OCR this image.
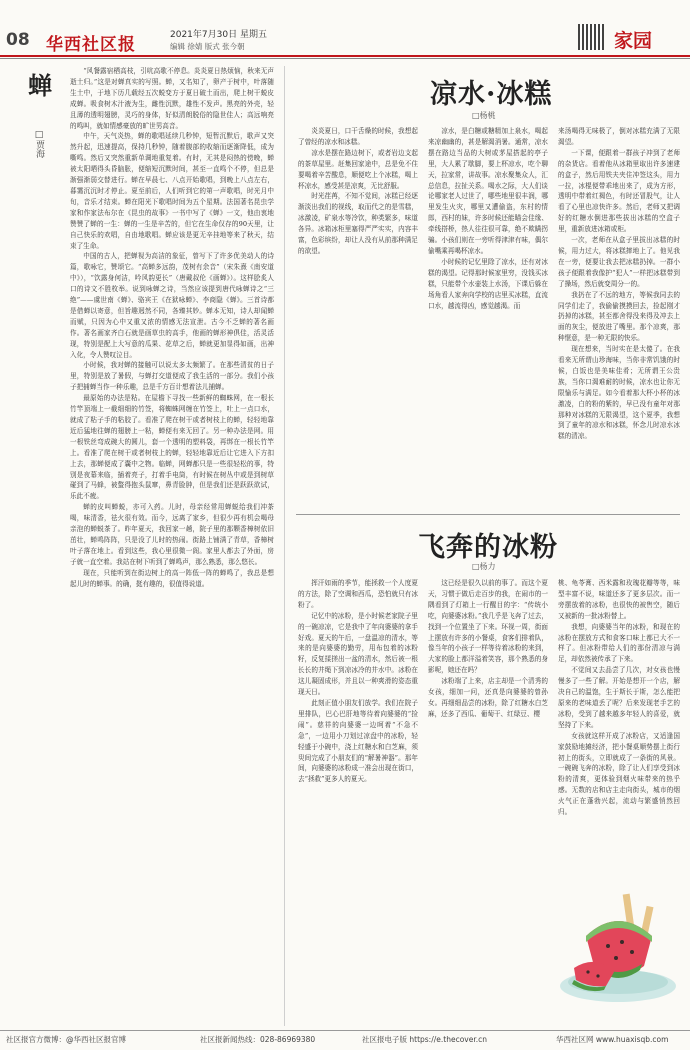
08 华西社区报	2021年7月30日 星期五
编辑 徐婧 版式 张今朝	家园
蝉
□贾海

“风餐露宿栖高枝，引吭高歌不停息。炎炎夏日热烦恼，秋来无声逝土归。”这是对蝉真实的写照。蝉，又名知了，卵产于树中，叶落随生土中，于地下历几载经五次蜕变方于夏日破土而出，爬上树干蜕皮成蝉。吸食树木汁液为生，雌性沉默，雄性不发声。黑亮的外壳，轻且薄的透明翅膀，灵巧的身体，好似清朗脱俗的隐世佳人；高远响亮的鸣叫，就如情感豪放的旷世男高音。

中午，天气炎热，蝉的歌唱延续几秒钟，短暂沉默后，歌声又突然升起，迅速提高，保持几秒钟，随着腹部的收缩而逐渐降低，成为嘶鸣。然后又突然重新单调地重复着。有时，无其是闷热的傍晚，蝉被太阳晒得头昏脑胀，便缩短沉默时间，甚至一直鸣个不停，但总是渐强渐弱交替进行。蝉在早晨七、八点开始歌唱，到晚上八点左右，暮霭沉沉时才停止。夏至前后，人们听到它的第一声歌唱，时光月中旬，音乐才结束。蝉在阳光下歌唱时间为五个星期。法国著名昆虫学家和作家法布尔在《昆虫的故事》一书中写了《蝉》一文，他由衷地赞赞了蝉的一生：蝉的一生是辛苦的，但它在生命仅存的90天里，让自己快乐的欢唱，自由地歌唱。蝉应该是更无辛挂地等来了秋天，结束了生命。

中国的古人，把蝉视为高洁的象征，曾写下了许多优美动人的诗篇，歌咏它，赞颂它。“高蝉多远韵，茂树有余音”（宋朱熹《南安道中》），“饮露身何洁，吟风韵更长”（唐戴叔伦《画蝉》）。这样脍炙人口的诗文不胜枚举。说到咏蝉之诗，当然应该提到唐代咏蝉诗之“三绝”——虞世南《蝉》、骆宾王《在狱咏蝉》、李商隐《蝉》。三首诗都是借蝉以寄意，但旨趣迥然不同，各臻其妙。蝉本无知，诗人却闻蝉而赋，只因为心中又重又浓的情感无法宣泄。古今不乏蝉的著名画作。著名画家齐白石就是画草虫的高手，他画的蝉形神俱佳，活灵活现，特别是配上大写意的瓜果、花草之后，蝉就更加显得如画，出神入化，令人赞叹泣目。

小时候，我对蝉的接触可以说太多太频繁了。在那些清贫的日子里，特别是放了暑假，与蝉打交道便成了我生活的一部分。我们小孩子把捕蝉当作一种乐趣，总是千方百计想着法儿捕蝉。

最原始的办法是粘。在屋檐下寻找一些新鲜的蜘蛛网，在一根长竹竿顶端上一截细细的竹签，将蜘蛛网缠在竹签上，吐上一点口水，就成了粘子手的粘胶了。看准了爬在树干或者树枝上的蝉，轻轻地靠近后猛地往蝉的翅膀上一粘，蝉便有来无回了。另一种办法是网。用一根铁丝弯成碗大的圆儿，套一个透明的塑料袋，再绑在一根长竹竿上。看准了爬在树干或者树枝上的蝉，轻轻地靠近后让它进入下方扣上去，那蝉便成了囊中之物。临蝉，网蝉都只是一些很轻松的事，特别是夜幕来临，插着亮子，打着手电筒，有时候在树丛中或是到树草碰到了马蜂，被螫得抱头鼠窜，鼻青脸肿，但是我们还是跃跃欲试，乐此不疲。

蝉的皮叫蝉蜕，亦可入药。儿时，母亲经常用蝉蜕给我们冲茶喝，味清香，祛火很有效。而今，远离了家乡，但很少再有机会喝母亲泡的蝉蜕茶了。昨年夏天，我回家一趟，院子里的那颗香樟树依旧茁壮，蝉鸣阵阵，只是没了儿时的热闹。街路上铺满了青草，香樟树叶子落在地上。看到这些，我心里很微一阁。家里人都去了外面，房子就一直空着。我站在树下听到了蝉鸣声，那么熟悉，那么悠长。

现在，只能听到在街边树上的高一阵低一阵的蝉鸣了，我总是想起儿时的蝉事。的确，挺有趣的，很值得说道。

凉水·冰糕
□杨桃

炎炎夏日，口干舌燥的时候，我想起了曾经的凉水和冰糕。

凉水是摆在路边树下，或者岩边支起的茶草屋里。赶集回家途中，总是免不住要喝着辛苦酸息，顺便吃上个冰糕，喝上杯凉水，感受甚是凉爽，无比舒服。

时光荏苒，不知不觉间，冰糕已经逐渐淡出我们的视线，取而代之的是雪糕，冰激凌，矿泉水等冷饮，种类繁多，味道各异。冰箱冰柜里塞得严严实实，内容丰富，色彩缤纷，却让人没有从前那种满足的欲望。

凉水，是白糖或糖精加上泉水，喝起来凉幽幽的，甚是解渴消暑。通常，凉水摆在路边当品的大树或茅屋搭起的亭子里，大人累了歇脚，要上杯凉水，吃个聊天，拉家常，讲故事。凉水聚集众人，汇总信息，拉扯关系。喝水之际，大人们谈论哪家老人过世了，哪些地里很丰润，哪里发生火灾，哪里又遭偷盗，东村的情郎，西村的妹，许多时候还能瞄会佳缘、牵线搭桥，热人往往很可靠，绝不欺瞒拐骗。小孩们则在一旁听得津津有味，偶尔偷嘴乘再喝杯凉水。

小时候的记忆里除了凉水，还有对冰糕的渴望。记得那时候家里穷，没钱买冰糕，只能带个水壶装上水汤，下课后躲在场角看人家奔向学校的店里买冰糕，直流口水，越流得凶，感觉越渴。而

来汤喝得无味极了，倒对冰糕充满了无限渴望。

一下课，便跟着一群孩子冲到了老师的杂货店。看着他从冰箱里取出许多速建的盒子，然后用铁夫夹住冲签这头，用力一拉，冰棍便带乖地出来了，成为方形，透明中带着红褐色，有时还冒股气，让人看了心里也凉快许多。然后，老师又把调好的红糖水倒进那些拔出冰糕的空盒子里，重新放进冰箱或柜。

一次，老师在从盒子里拔出冰糕的时候，用力过大，将冰糕摔地上了。他见我在一旁，便要让我去把冰糕扔掉。一群小孩子便跟着我像护“犯人”一样把冰糕带到了操场，然后就变周分一的。

我扔在了不远的地方，等候我同去的同学们走了，我偷偷摸摸回去，捡起刚才扔掉的冰糕，甚至都舍得没来得及冲去上面的灰尘，便放进了嘴里。那个凉爽，那种惬意，是一种无限的快乐。

现在想来，当时实在是太傻了。在我看来无所谓山珍海味，当你非常饥饿的时候，白饭也是美味佳肴；无所谓王公贵族，当你口渴难耐的时候，凉水也让你无限愉乐与满足。如今看着那大杯小杯的冰激凌，白的粉的紫的，早已没有童年对那那种对冰糕的无限渴望，这个夏季，我想到了童年的凉水和冰糕，怀念儿时凉水冰糕的清凉。

飞奔的冰粉
□杨力

挥汗如雨的季节，能拯救一个人度夏的方法，除了空调和西瓜，恐怕就只有冰粉了。

记忆中的冰粉，是小时候老家院子里的一碗凉凉，它是我中了年向婆婆的拿手好戏。夏天的午后，一盘温凉的清水，等来的是向婆婆的勤劳，用布包着的冰粉籽，反复揉搓出一盆的清水，然后被一根长长的井绳下到凉冰冷的井水中。冰粉在这儿凝固成形，并且以一种爽滑的姿态重现天日。

此刻正值小朋友们放学。我们在院子里排队，巴心巴肝地等待着向婆婆的“捡闹”。慈祥的向婆婆一边呵着“不急不急”，一边用小刀划过凉盘中的冰粉，轻轻盛于小碗中，浇上红糖水和白芝麻，须臾间完成了小朋友们的“解暑神器”。那年间，向婆婆的冰粉成一准会出现在街口，去“拯救”更多人的夏天。

这已经是很久以前的事了。而这个夏天，习惯于做后走百步的我，在闹市的一隅看到了灯箱上一行醒目的字：“传统小吃，向婆婆冰粉。”我几乎是飞奔了过去，找到一个位置坐了下来。环视一周，街面上摆放有许多的小餐桌，食客们排着队，像当年的小孩子一样等待着冰粉的来到，大家的脸上都洋溢着笑容，那个熟悉的身影呢，她还在吗？

冰粉端了上来，店主却是一个清秀的女孩，细加一问，还真是向婆婆的曾孙女。再细细品尝的冰粉，除了红糖水白芝麻，还多了西瓜、葡萄干、红绿豆、樱

桃、龟苓膏、西米露和玫瑰花瓣等等，味型丰富不说，味道还多了更多层次。而一旁摆放着的冰粉，也很快的被售空，随后又被新的一批冰粉替上。

我想，向婆婆当年的冰粉，和现在的冰粉在摆放方式和食客口味上都已大不一样了。但冰粉带给人们的那份清凉与满足，却依然被传承了下来。

不觉间又去品尝了几次，对女孩也慢慢多了一些了解。开始是想开一个店，解决自己的温饱，生于斯长于斯，怎么能把原来的老味道丢了呢？后来发现老手艺的冰粉，受到了越来越多年轻人的喜爱，就坚持了下来。

女孩就这样开成了冰粉店，又适逢国家鼓励地摊经济，把小餐桌顺势摆上街行初上的街头，立即就成了一条街的风景。一碗碗飞奔的冰粉，除了让人们享受到冰粉的清爽，更体验到烟火味带来的热乎感。无数的店和店主走向街头，城市的烟火气正在蓬勃兴起，流动与繁盛悄然回归。

社区报官方微博：@华西社区报官博	社区报新闻热线：028-86969380	社区报电子版 https://e.thecover.cn	华西社区网 www.huaxisqb.com
